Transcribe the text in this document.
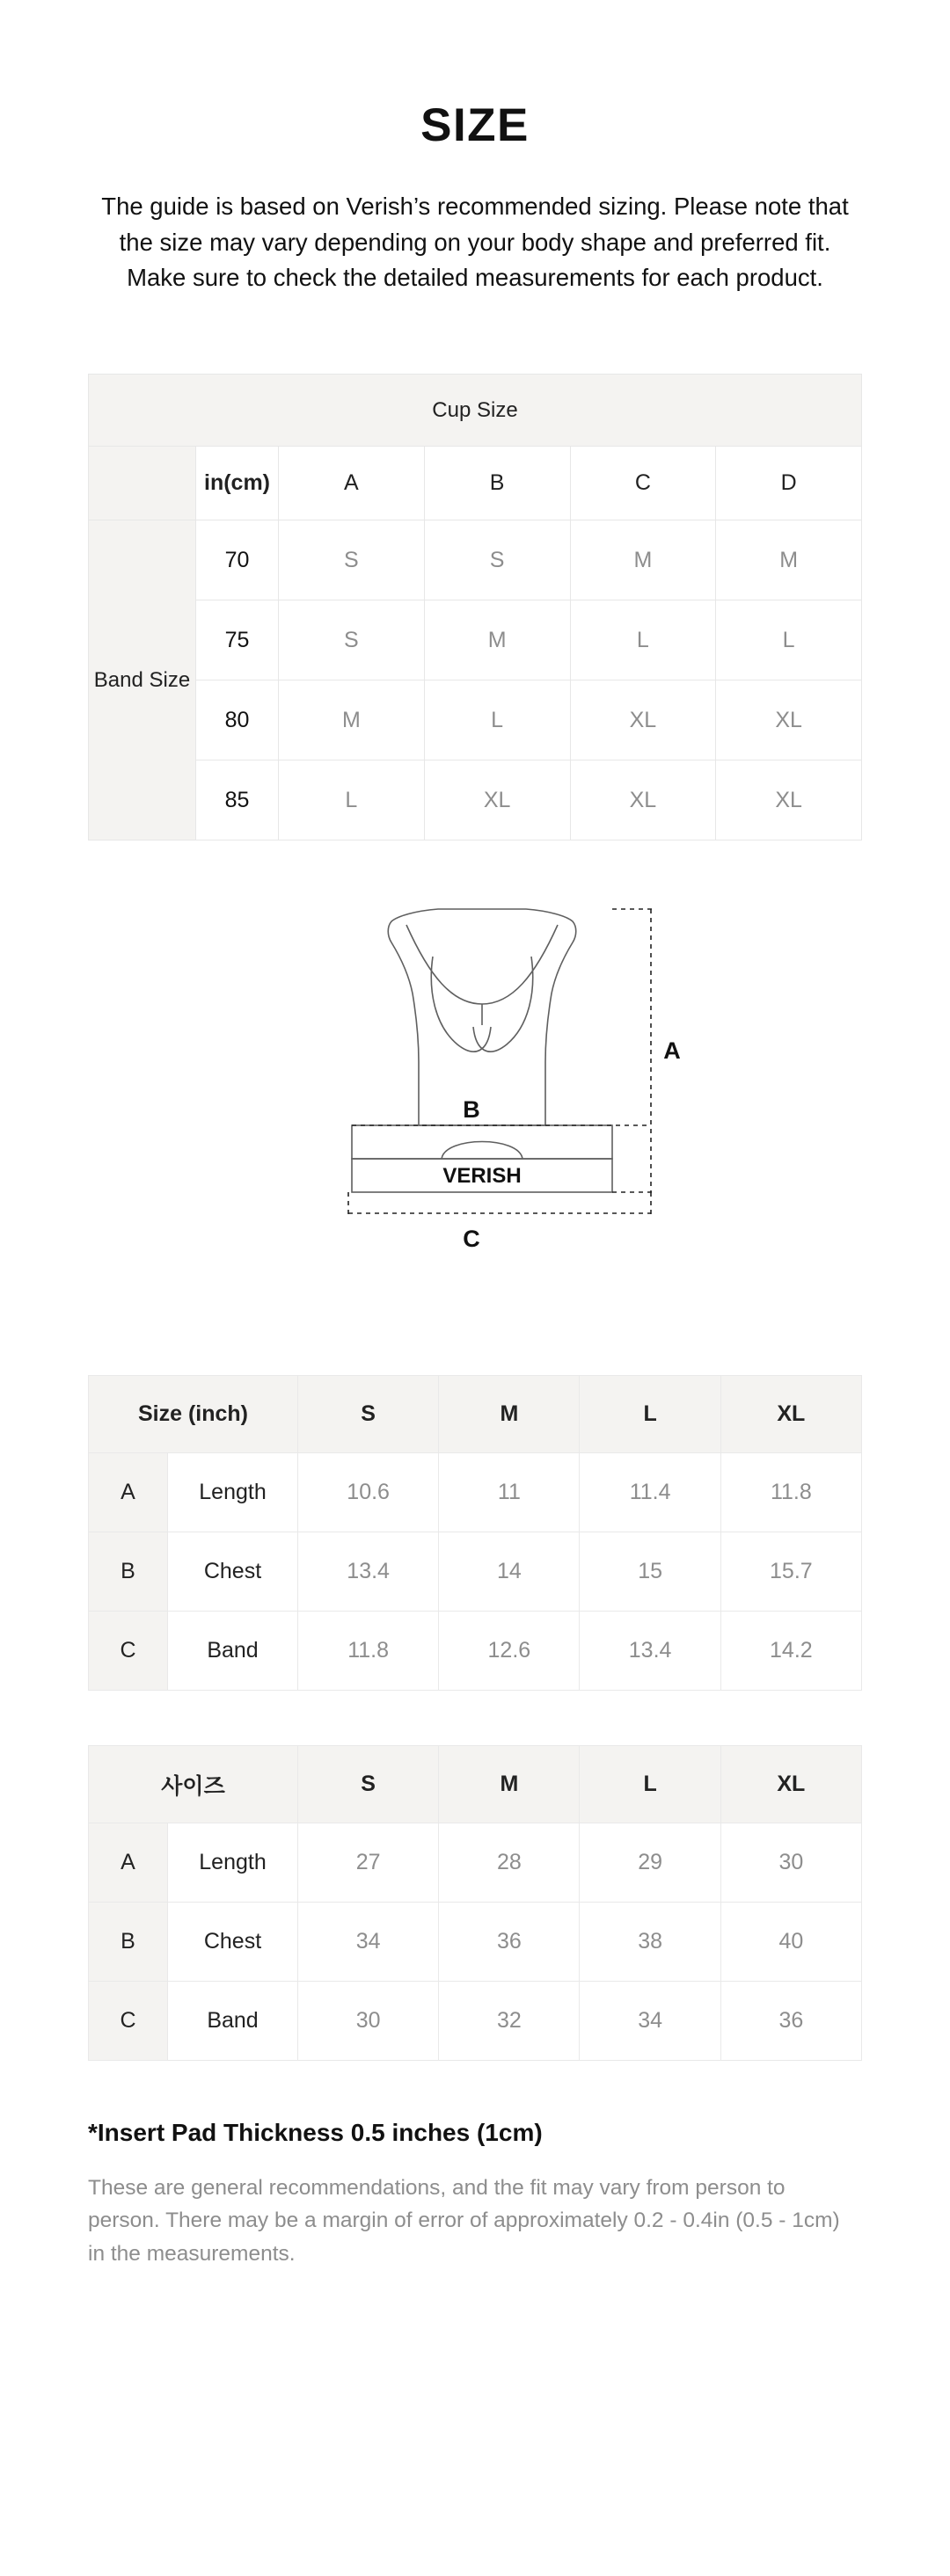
SIZE

The guide is based on Verish’s recommended sizing. Please note that the size may vary depending on your body shape and preferred fit. Make sure to check the detailed measurements for each product.

Cup Size					
	in(cm)	A	B	C	D
Band Size	70	S	S	M	M
	75	S	M	L	L
	80	M	L	XL	XL
	85	L	XL	XL	XL
VERISH
A
B
C
Size (inch)		S	M	L	XL
A	Length	10.6	11	11.4	11.8
B	Chest	13.4	14	15	15.7
C	Band	11.8	12.6	13.4	14.2
사이즈		S	M	L	XL
A	Length	27	28	29	30
B	Chest	34	36	38	40
C	Band	30	32	34	36
*Insert Pad Thickness 0.5 inches (1cm)
These are general recommendations, and the fit may vary from person to person. There may be a margin of error of approximately 0.2 - 0.4in (0.5 - 1cm) in the measurements.
